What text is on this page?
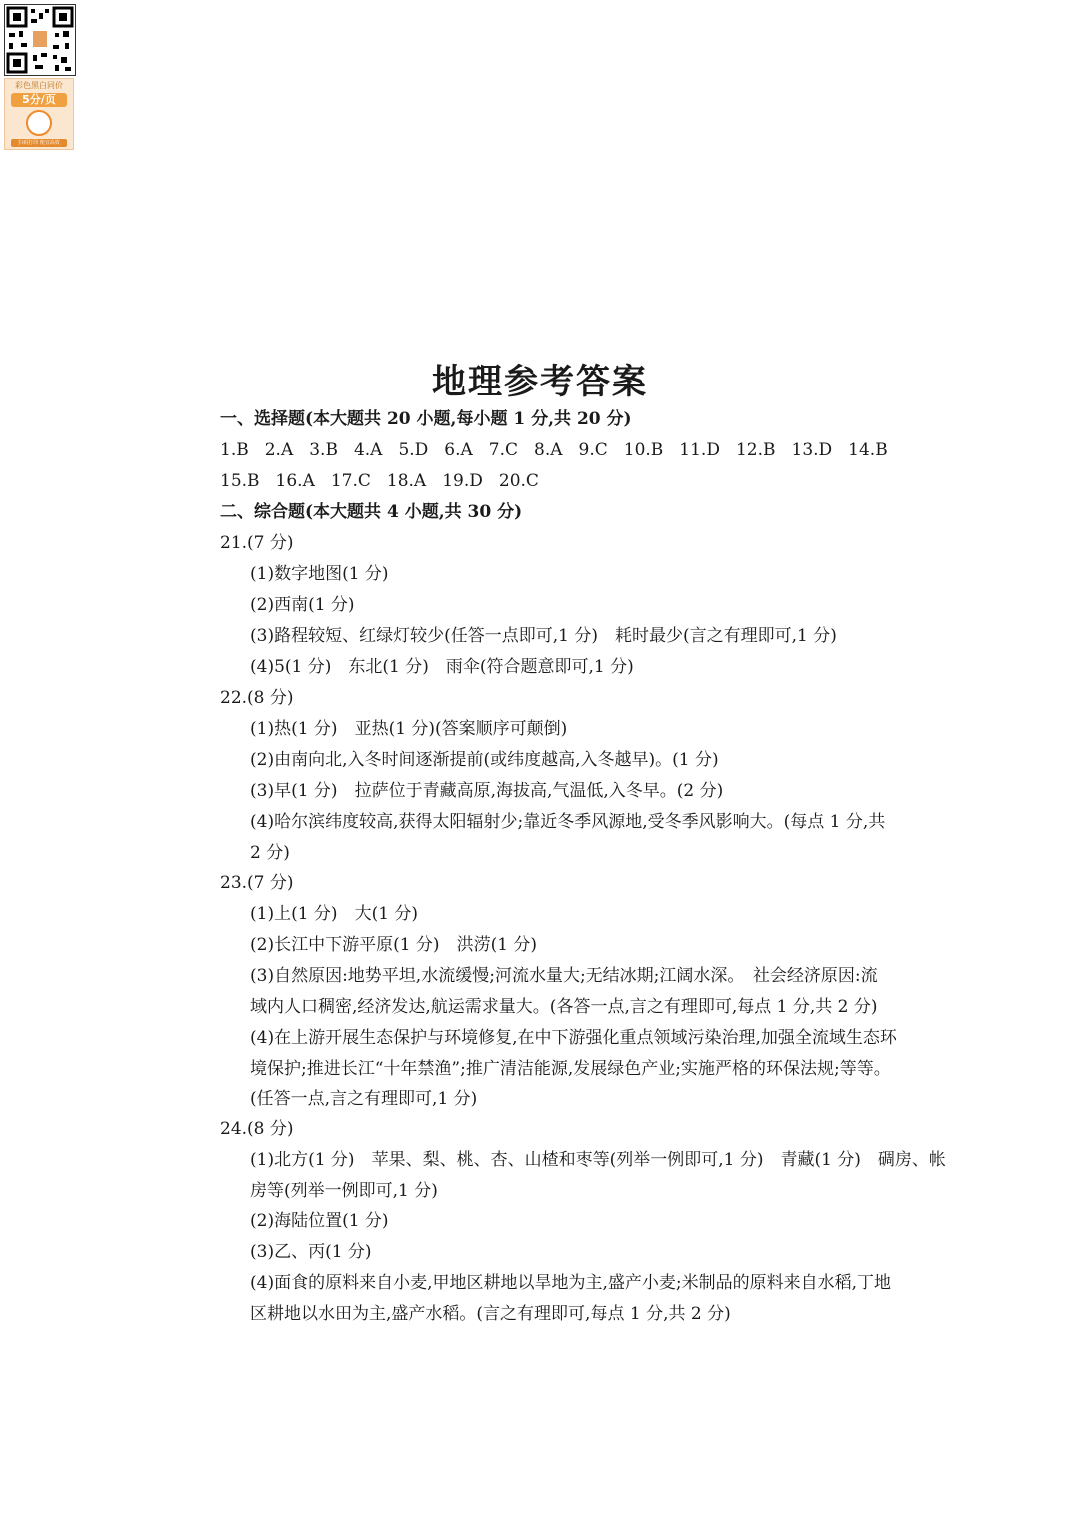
彩色黑白同价
5分/页
扫码打印 便宜高效
地理参考答案
一、选择题(本大题共 20 小题,每小题 1 分,共 20 分)
1.B 2.A 3.B 4.A 5.D 6.A 7.C 8.A 9.C 10.B 11.D 12.B 13.D 14.B
15.B 16.A 17.C 18.A 19.D 20.C
二、综合题(本大题共 4 小题,共 30 分)
21.(7 分)
(1)数字地图(1 分)
(2)西南(1 分)
(3)路程较短、红绿灯较少(任答一点即可,1 分)　耗时最少(言之有理即可,1 分)
(4)5(1 分)　东北(1 分)　雨伞(符合题意即可,1 分)
22.(8 分)
(1)热(1 分)　亚热(1 分)(答案顺序可颠倒)
(2)由南向北,入冬时间逐渐提前(或纬度越高,入冬越早)。(1 分)
(3)早(1 分)　拉萨位于青藏高原,海拔高,气温低,入冬早。(2 分)
(4)哈尔滨纬度较高,获得太阳辐射少;靠近冬季风源地,受冬季风影响大。(每点 1 分,共
2 分)
23.(7 分)
(1)上(1 分)　大(1 分)
(2)长江中下游平原(1 分)　洪涝(1 分)
(3)自然原因:地势平坦,水流缓慢;河流水量大;无结冰期;江阔水深。　社会经济原因:流
域内人口稠密,经济发达,航运需求量大。(各答一点,言之有理即可,每点 1 分,共 2 分)
(4)在上游开展生态保护与环境修复,在中下游强化重点领域污染治理,加强全流域生态环
境保护;推进长江“十年禁渔”;推广清洁能源,发展绿色产业;实施严格的环保法规;等等。
(任答一点,言之有理即可,1 分)
24.(8 分)
(1)北方(1 分)　苹果、梨、桃、杏、山楂和枣等(列举一例即可,1 分)　青藏(1 分)　碉房、帐
房等(列举一例即可,1 分)
(2)海陆位置(1 分)
(3)乙、丙(1 分)
(4)面食的原料来自小麦,甲地区耕地以旱地为主,盛产小麦;米制品的原料来自水稻,丁地
区耕地以水田为主,盛产水稻。(言之有理即可,每点 1 分,共 2 分)
